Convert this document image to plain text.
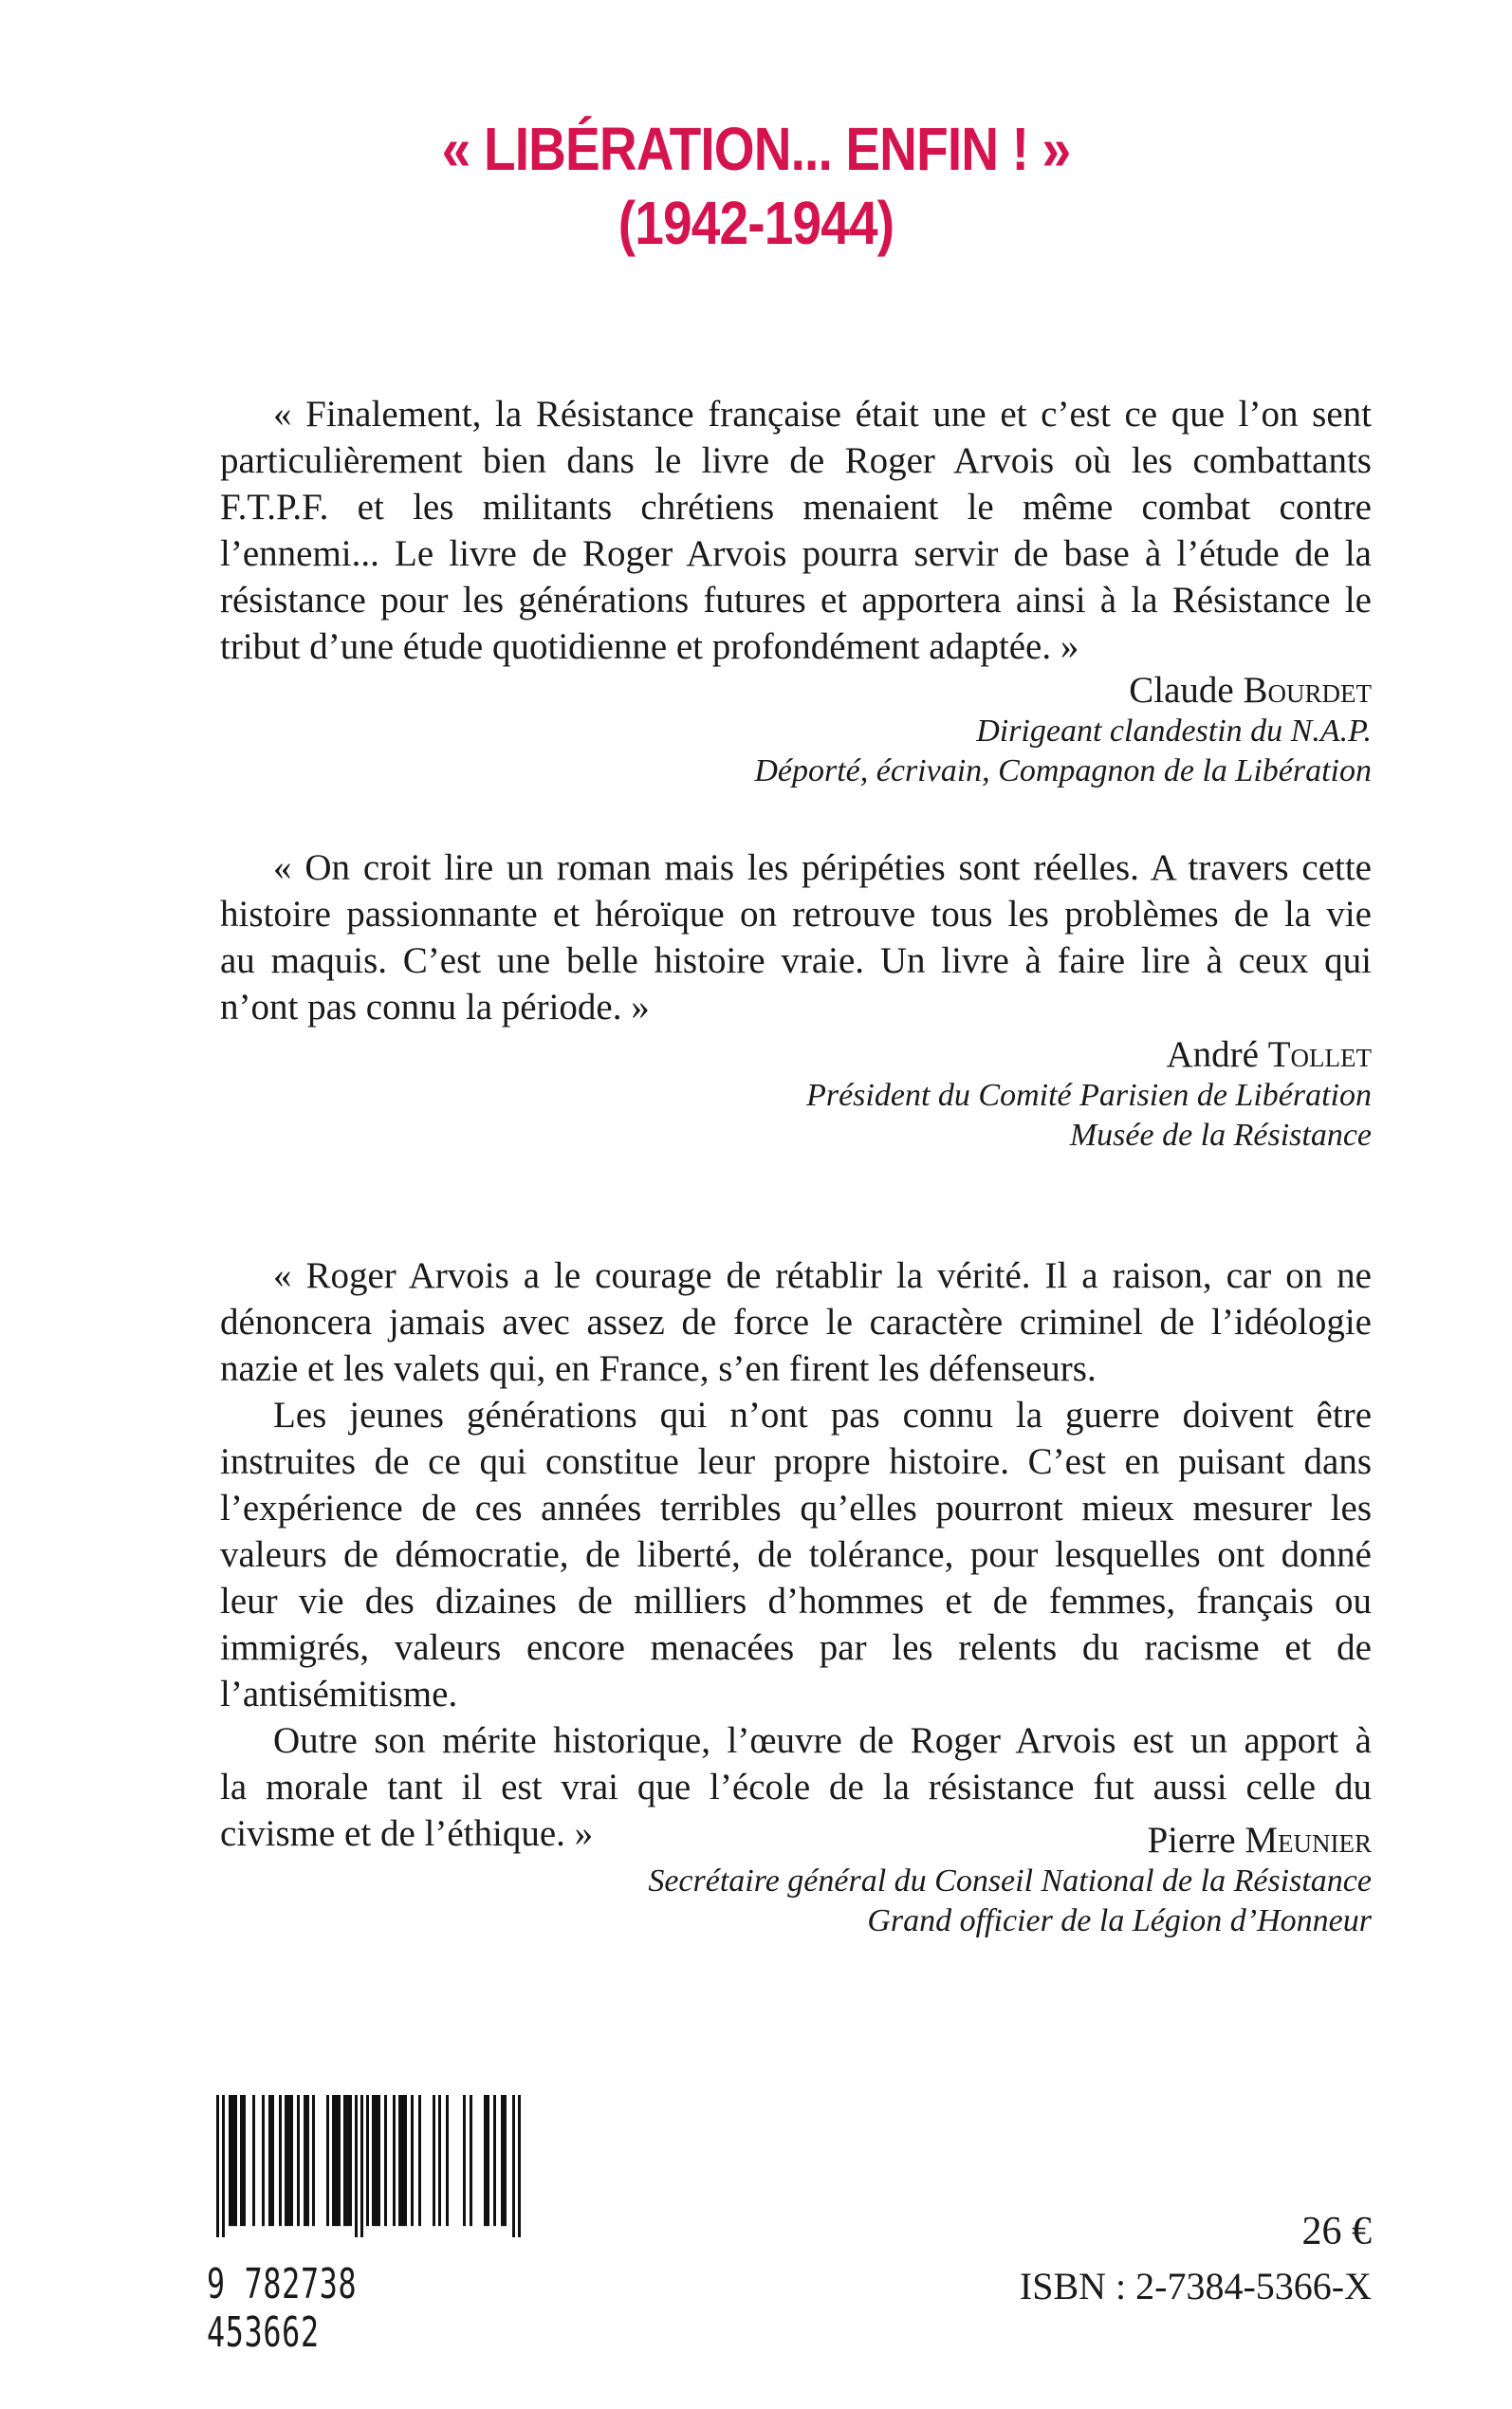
« LIBÉRATION... ENFIN ! »
(1942-1944)
« Finalement, la Résistance française était une et c’est ce que l’on sent
particulièrement bien dans le livre de Roger Arvois où les combattants
F.T.P.F. et les militants chrétiens menaient le même combat contre
l’ennemi... Le livre de Roger Arvois pourra servir de base à l’étude de la
résistance pour les générations futures et apportera ainsi à la Résistance le
tribut d’une étude quotidienne et profondément adaptée. »
Claude Bourdet
Dirigeant clandestin du N.A.P.
Déporté, écrivain, Compagnon de la Libération
« On croit lire un roman mais les péripéties sont réelles. A travers cette
histoire passionnante et héroïque on retrouve tous les problèmes de la vie
au maquis. C’est une belle histoire vraie. Un livre à faire lire à ceux qui
n’ont pas connu la période. »
André Tollet
Président du Comité Parisien de Libération
Musée de la Résistance
« Roger Arvois a le courage de rétablir la vérité. Il a raison, car on ne
dénoncera jamais avec assez de force le caractère criminel de l’idéologie
nazie et les valets qui, en France, s’en firent les défenseurs.
Les jeunes générations qui n’ont pas connu la guerre doivent être
instruites de ce qui constitue leur propre histoire. C’est en puisant dans
l’expérience de ces années terribles qu’elles pourront mieux mesurer les
valeurs de démocratie, de liberté, de tolérance, pour lesquelles ont donné
leur vie des dizaines de milliers d’hommes et de femmes, français ou
immigrés, valeurs encore menacées par les relents du racisme et de
l’antisémitisme.
Outre son mérite historique, l’œuvre de Roger Arvois est un apport à
la morale tant il est vrai que l’école de la résistance fut aussi celle du
civisme et de l’éthique. »	Pierre Meunier
Secrétaire général du Conseil National de la Résistance
Grand officier de la Légion d’Honneur
9 782738 453662
26 €
ISBN : 2-7384-5366-X
